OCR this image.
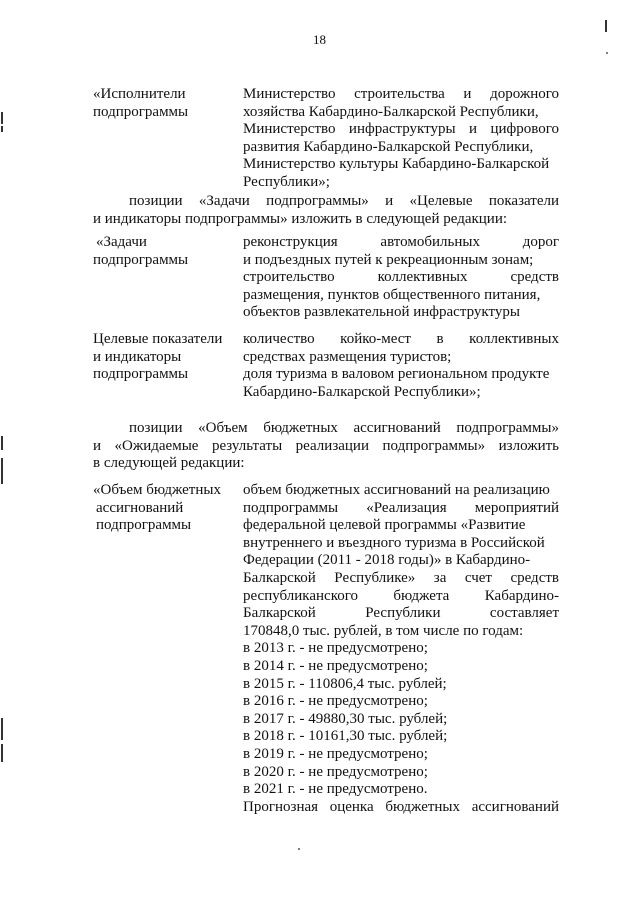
18
«Исполнители
подпрограммы
Министерство строительства и дорожного
хозяйства Кабардино-Балкарской Республики,
Министерство инфраструктуры и цифрового
развития Кабардино-Балкарской Республики,
Министерство культуры Кабардино-Балкарской
Республики»;
позиции «Задачи подпрограммы» и «Целевые показатели
и индикаторы подпрограммы» изложить в следующей редакции:
«Задачи
подпрограммы
реконструкция автомобильных дорог
и подъездных путей к рекреационным зонам;
строительство коллективных средств
размещения, пунктов общественного питания,
объектов развлекательной инфраструктуры
Целевые показатели
и индикаторы
подпрограммы
количество койко-мест в коллективных
средствах размещения туристов;
доля туризма в валовом региональном продукте
Кабардино-Балкарской Республики»;
позиции «Объем бюджетных ассигнований подпрограммы»
и «Ожидаемые результаты реализации подпрограммы» изложить
в следующей редакции:
«Объем бюджетных
ассигнований
подпрограммы
объем бюджетных ассигнований на реализацию
подпрограммы «Реализация мероприятий
федеральной целевой программы «Развитие
внутреннего и въездного туризма в Российской
Федерации (2011 - 2018 годы)» в Кабардино-
Балкарской Республике» за счет средств
республиканского бюджета Кабардино-
Балкарской Республики составляет
170848,0 тыс. рублей, в том числе по годам:
в 2013 г. - не предусмотрено;
в 2014 г. - не предусмотрено;
в 2015 г. - 110806,4 тыс. рублей;
в 2016 г. - не предусмотрено;
в 2017 г. - 49880,30 тыс. рублей;
в 2018 г. - 10161,30 тыс. рублей;
в 2019 г. - не предусмотрено;
в 2020 г. - не предусмотрено;
в 2021 г. - не предусмотрено.
Прогнозная оценка бюджетных ассигнований
